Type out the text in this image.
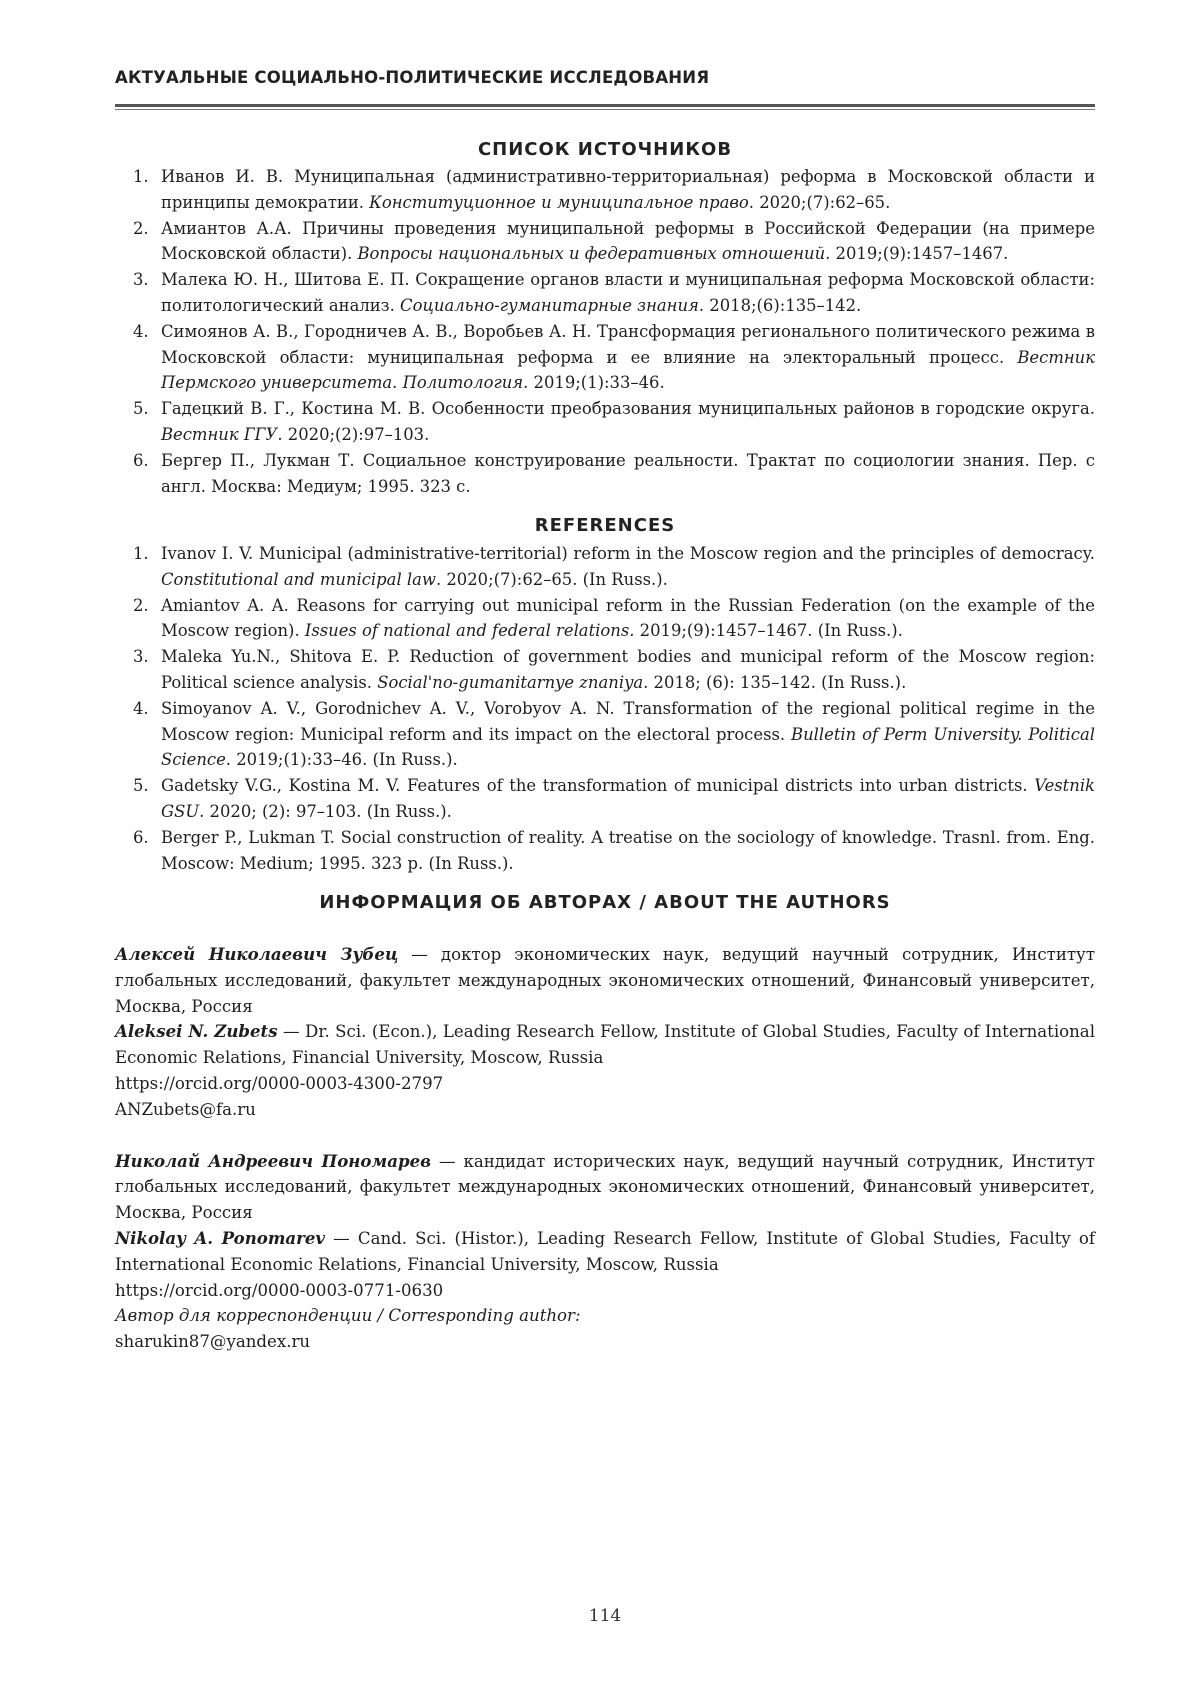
АКТУАЛЬНЫЕ СОЦИАЛЬНО-ПОЛИТИЧЕСКИЕ ИССЛЕДОВАНИЯ
СПИСОК ИСТОЧНИКОВ
1. Иванов И. В. Муниципальная (административно-территориальная) реформа в Московской области и принципы демократии. Конституционное и муниципальное право. 2020;(7):62–65.
2. Амиантов А.А. Причины проведения муниципальной реформы в Российской Федерации (на примере Московской области). Вопросы национальных и федеративных отношений. 2019;(9):1457–1467.
3. Малека Ю. Н., Шитова Е. П. Сокращение органов власти и муниципальная реформа Московской области: политологический анализ. Социально-гуманитарные знания. 2018;(6):135–142.
4. Симоянов А. В., Городничев А. В., Воробьев А. Н. Трансформация регионального политического режима в Московской области: муниципальная реформа и ее влияние на электоральный процесс. Вестник Пермского университета. Политология. 2019;(1):33–46.
5. Гадецкий В. Г., Костина М. В. Особенности преобразования муниципальных районов в городские округа. Вестник ГГУ. 2020;(2):97–103.
6. Бергер П., Лукман Т. Социальное конструирование реальности. Трактат по социологии знания. Пер. с англ. Москва: Медиум; 1995. 323 с.
REFERENCES
1. Ivanov I. V. Municipal (administrative-territorial) reform in the Moscow region and the principles of democracy. Constitutional and municipal law. 2020;(7):62–65. (In Russ.).
2. Amiantov A. A. Reasons for carrying out municipal reform in the Russian Federation (on the example of the Moscow region). Issues of national and federal relations. 2019;(9):1457–1467. (In Russ.).
3. Maleka Yu.N., Shitova E. P. Reduction of government bodies and municipal reform of the Moscow region: Political science analysis. Social'no-gumanitarnye znaniya. 2018; (6): 135–142. (In Russ.).
4. Simoyanov A. V., Gorodnichev A. V., Vorobyov A. N. Transformation of the regional political regime in the Moscow region: Municipal reform and its impact on the electoral process. Bulletin of Perm University. Political Science. 2019;(1):33–46. (In Russ.).
5. Gadetsky V.G., Kostina M. V. Features of the transformation of municipal districts into urban districts. Vestnik GSU. 2020; (2): 97–103. (In Russ.).
6. Berger P., Lukman T. Social construction of reality. A treatise on the sociology of knowledge. Trasnl. from. Eng. Moscow: Medium; 1995. 323 p. (In Russ.).
ИНФОРМАЦИЯ ОБ АВТОРАХ / ABOUT THE AUTHORS

Алексей Николаевич Зубец — доктор экономических наук, ведущий научный сотрудник, Институт глобальных исследований, факультет международных экономических отношений, Финансовый университет, Москва, Россия

Aleksei N. Zubets — Dr. Sci. (Econ.), Leading Research Fellow, Institute of Global Studies, Faculty of International Economic Relations, Financial University, Moscow, Russia

https://orcid.org/0000-0003-4300-2797

ANZubets@fa.ru

Николай Андреевич Пономарев — кандидат исторических наук, ведущий научный сотрудник, Институт глобальных исследований, факультет международных экономических отношений, Финансовый университет, Москва, Россия

Nikolay A. Ponomarev — Cand. Sci. (Histor.), Leading Research Fellow, Institute of Global Studies, Faculty of International Economic Relations, Financial University, Moscow, Russia

https://orcid.org/0000-0003-0771-0630

Автор для корреспонденции / Corresponding author:

sharukin87@yandex.ru

114
